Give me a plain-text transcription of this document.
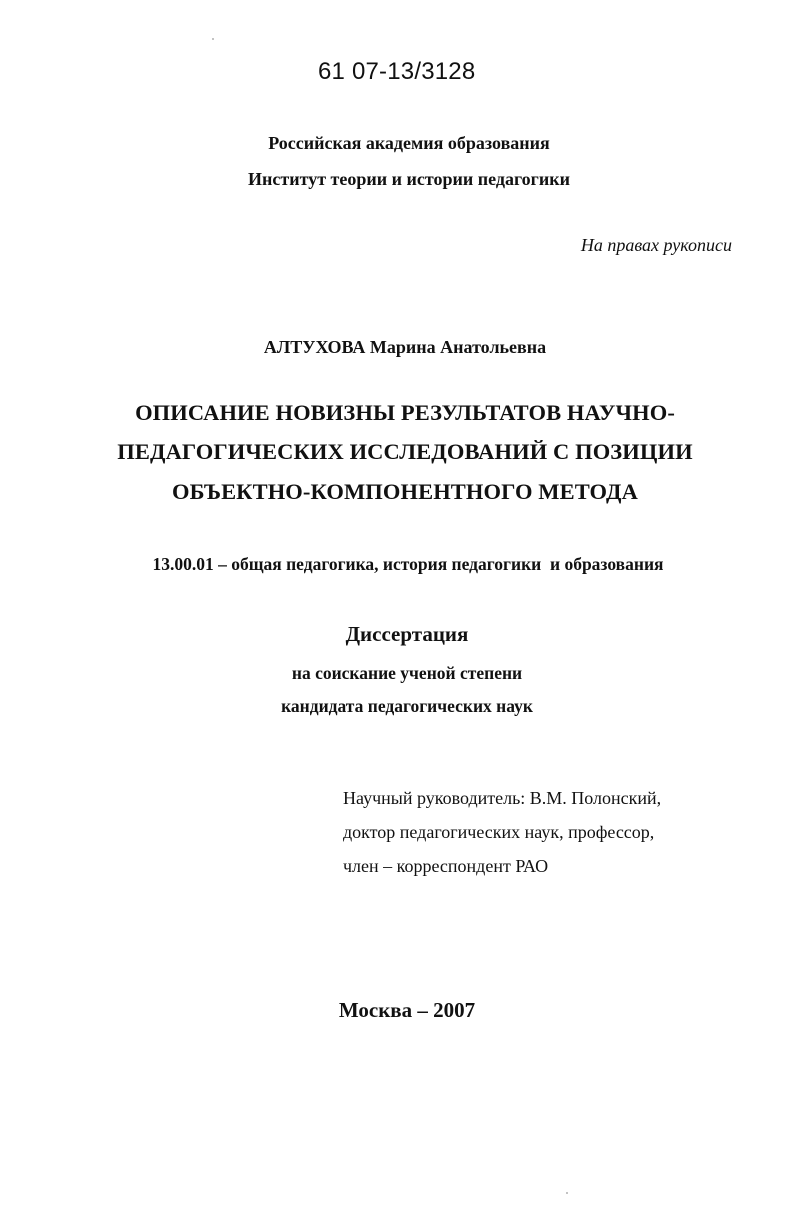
61 07-13/3128
Российская академия образования
Институт теории и истории педагогики
На правах рукописи
АЛТУХОВА Марина Анатольевна
ОПИСАНИЕ НОВИЗНЫ РЕЗУЛЬТАТОВ НАУЧНО-
ПЕДАГОГИЧЕСКИХ ИССЛЕДОВАНИЙ С ПОЗИЦИИ
ОБЪЕКТНО-КОМПОНЕНТНОГО МЕТОДА
13.00.01 – общая педагогика, история педагогики  и образования
Диссертация
на соискание ученой степени
кандидата педагогических наук
Научный руководитель: В.М. Полонский,
доктор педагогических наук, профессор,
член – корреспондент РАО
Москва – 2007
